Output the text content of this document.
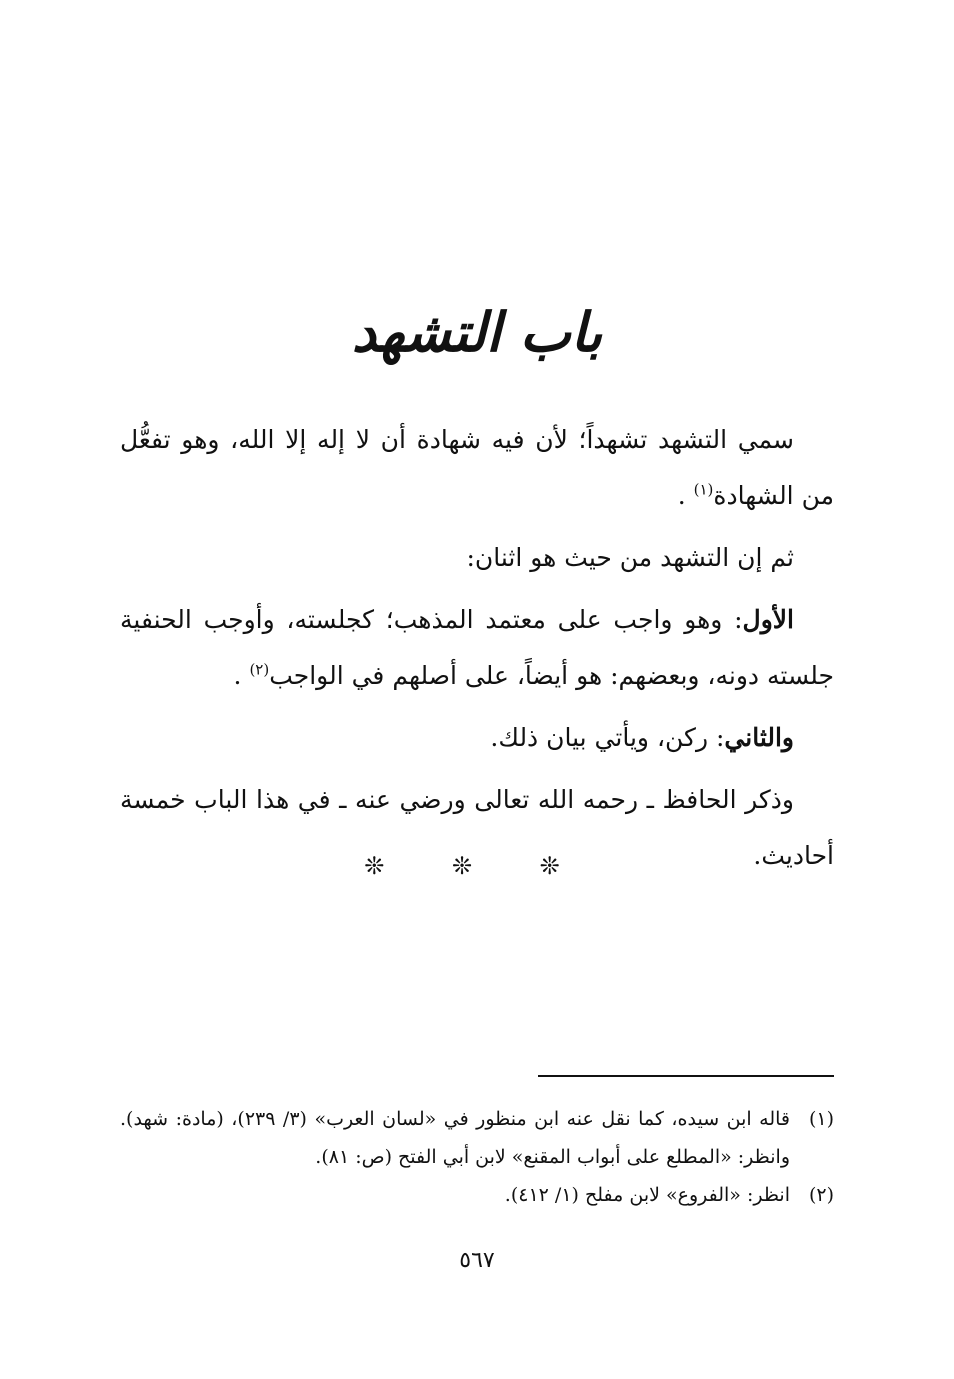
باب التشهد

سمي التشهد تشهداً؛ لأن فيه شهادة أن لا إله إلا الله، وهو تفعُّل من الشهادة$^{(١)}$ .

ثم إن التشهد من حيث هو اثنان:

الأول: وهو واجب على معتمد المذهب؛ كجلسته، وأوجب الحنفية جلسته دونه، وبعضهم: هو أيضاً، على أصلهم في الواجب$^{(٢)}$ .

والثاني: ركن، ويأتي بيان ذلك.

وذكر الحافظ ـ رحمه الله تعالى ورضي عنه ـ في هذا الباب خمسة أحاديث.

❊ ❊ ❊
(١)
قاله ابن سيده، كما نقل عنه ابن منظور في «لسان العرب» (٣/ ٢٣٩)، (مادة: شهد). وانظر: «المطلع على أبواب المقنع» لابن أبي الفتح (ص: ٨١).
(٢)
انظر: «الفروع» لابن مفلح (١/ ٤١٢).
٥٦٧
